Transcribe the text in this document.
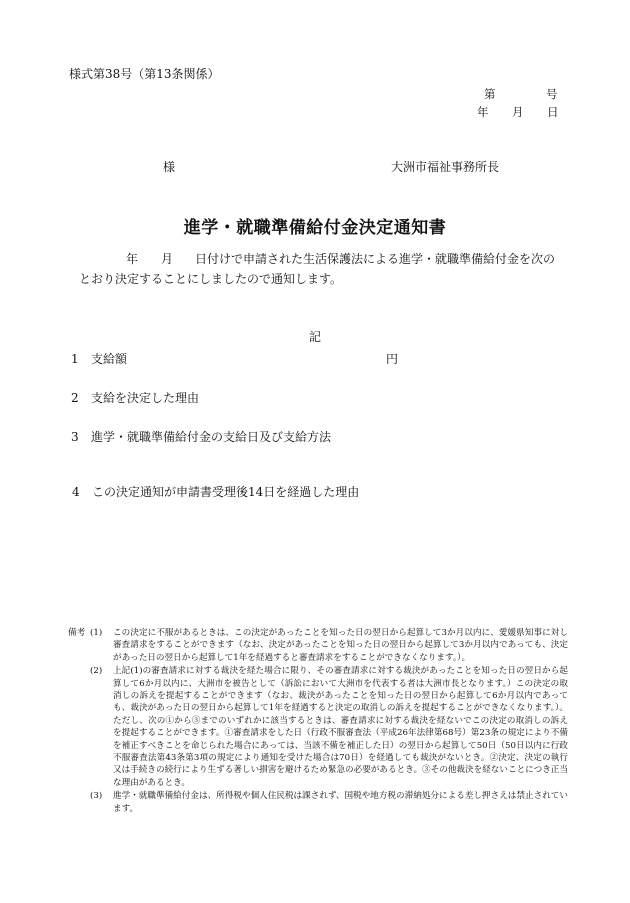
様式第38号（第13条関係）
第	号
年 月 日
様	大洲市福祉事務所長
進学・就職準備給付金決定通知書
年 月 日付けで申請された生活保護法による進学・就職準備給付金を次の
とおり決定することにしましたので通知します。
記
1 支給額	円
2 支給を決定した理由
3 進学・就職準備給付金の支給日及び支給方法
4 この決定通知が申請書受理後14日を経過した理由
備考 (1)	この決定に不服があるときは、この決定があったことを知った日の翌日から起算して3か月以内に、愛媛県知事に対し審査請求をすることができます（なお、決定があったことを知った日の翌日から起算して3か月以内であっても、決定があった日の翌日から起算して1年を経過すると審査請求をすることができなくなります。）。
(2)	上記(1)の審査請求に対する裁決を経た場合に限り、その審査請求に対する裁決があったことを知った日の翌日から起算して6か月以内に、大洲市を被告として（訴訟において大洲市を代表する者は大洲市長となります。）この決定の取消しの訴えを提起することができます（なお、裁決があったことを知った日の翌日から起算して6か月以内であっても、裁決があった日の翌日から起算して1年を経過すると決定の取消しの訴えを提起することができなくなります。）。ただし、次の①から③までのいずれかに該当するときは、審査請求に対する裁決を経ないでこの決定の取消しの訴えを提起することができます。①審査請求をした日（行政不服審査法（平成26年法律第68号）第23条の規定により不備を補正すべきことを命じられた場合にあっては、当該不備を補正した日）の翌日から起算して50日（50日以内に行政不服審査法第43条第3項の規定により通知を受けた場合は70日）を経過しても裁決がないとき。②決定、決定の執行又は手続きの続行により生ずる著しい損害を避けるため緊急の必要があるとき。③その他裁決を経ないことにつき正当な理由があるとき。
(3)	進学・就職準備給付金は、所得税や個人住民税は課されず、国税や地方税の滞納処分による差し押さえは禁止されています。
